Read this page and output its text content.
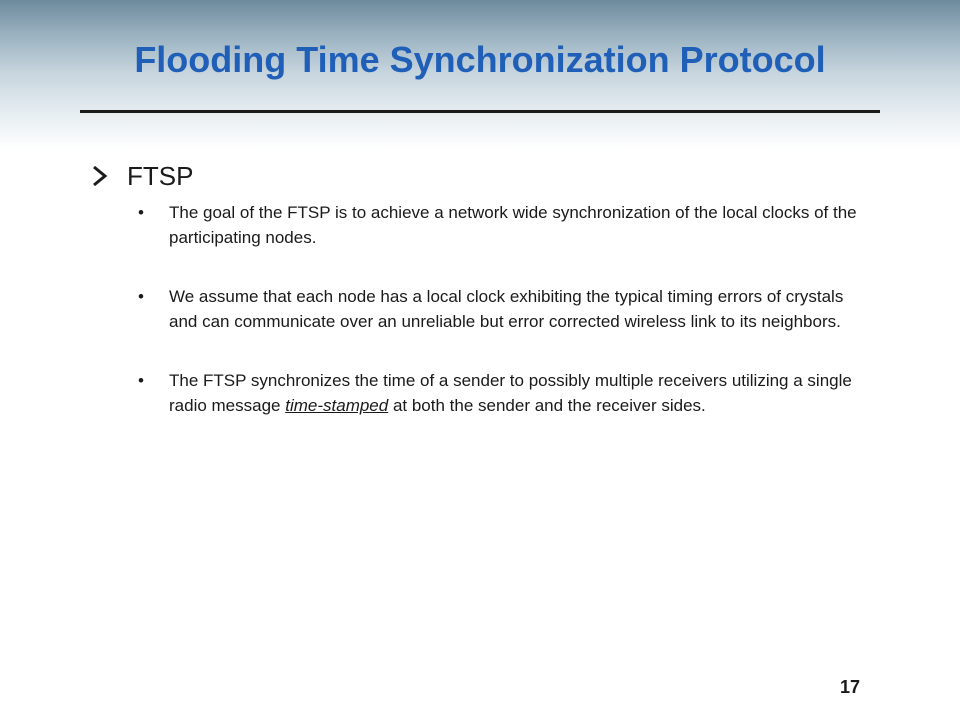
Flooding Time Synchronization Protocol
FTSP
•	The goal of the FTSP is to achieve a network wide synchronization of the local clocks of the participating nodes.
•	We assume that each node has a local clock exhibiting the typical timing errors of crystals and can communicate over an unreliable but error corrected wireless link to its neighbors.
•	The FTSP synchronizes the time of a sender to possibly multiple receivers utilizing a single radio message time-stamped at both the sender and the receiver sides.
17
